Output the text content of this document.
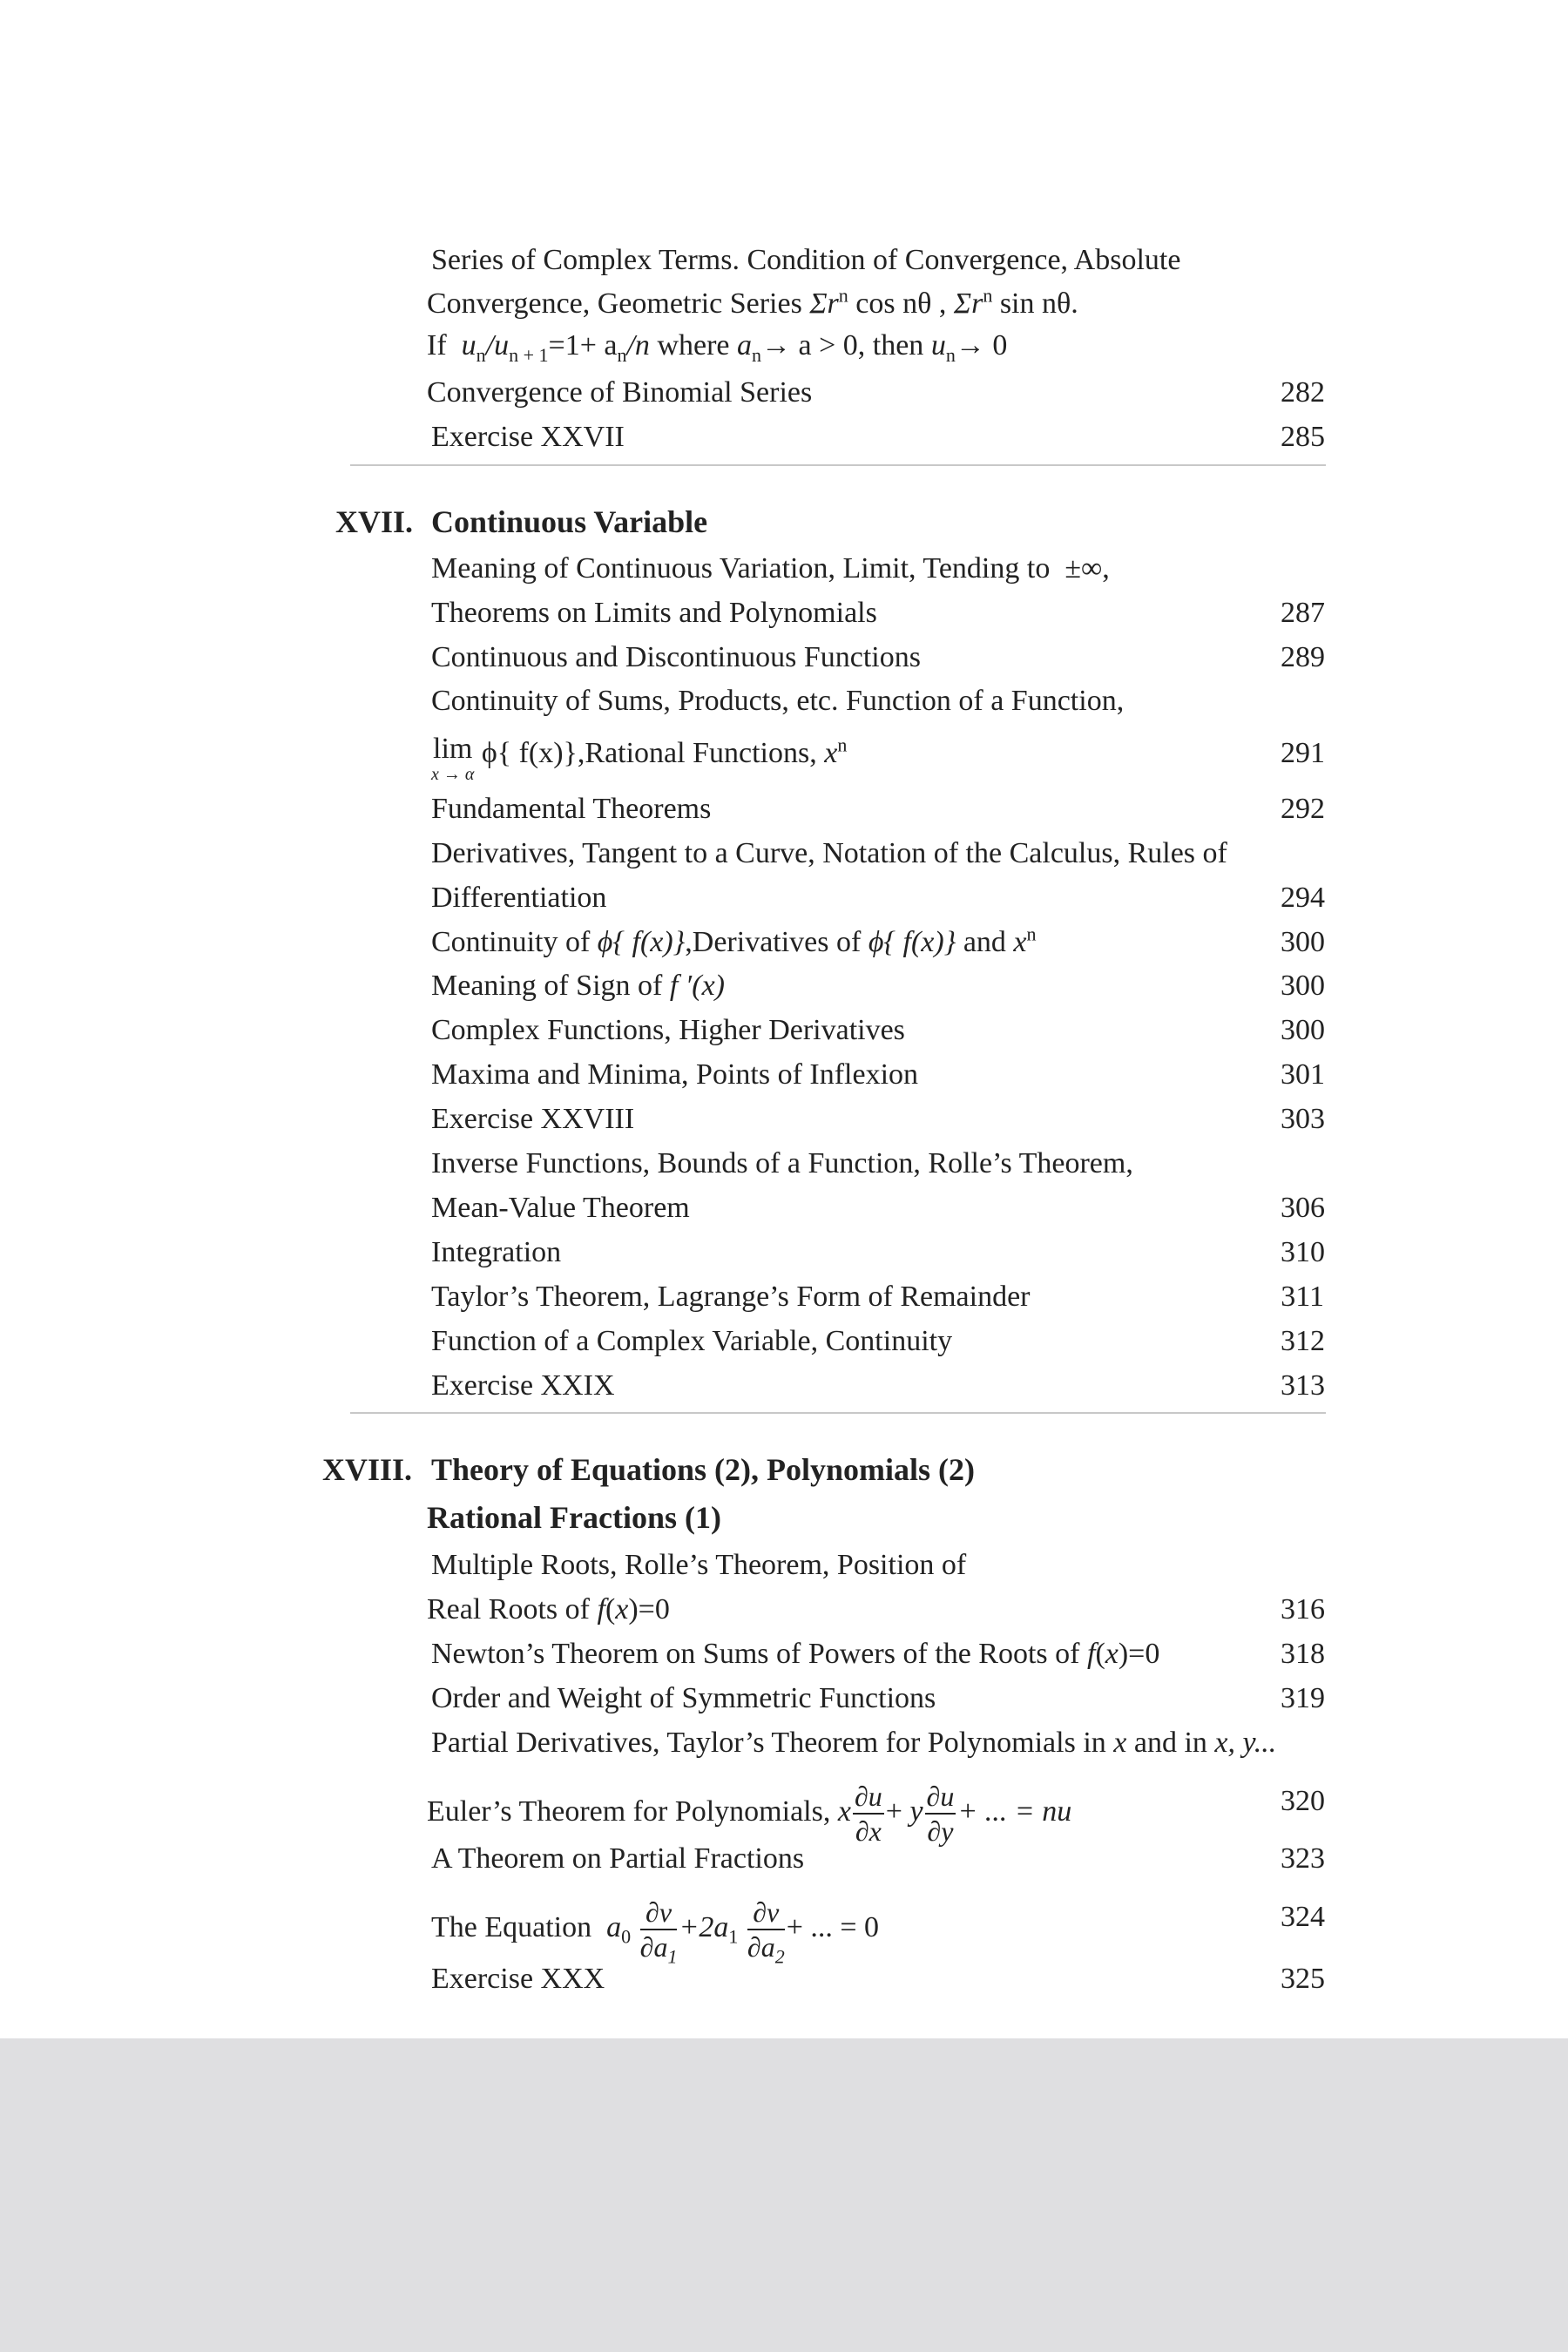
Series of Complex Terms. Condition of Convergence, Absolute
Convergence, Geometric Series $\Sigma r^n$ cos nθ , $\Sigma r^n$ sin nθ.
If $u_n/u_{n + 1}=1+ a_n/n$ where $a_n\to a > 0$, then $u_n\to 0$
Convergence of Binomial Series	282
Exercise XXVII	285
XVII. Continuous Variable
Meaning of Continuous Variation, Limit, Tending to ±∞,
Theorems on Limits and Polynomials	287
Continuous and Discontinuous Functions	289
Continuity of Sums, Products, etc. Function of a Function,
lim
x → α
ϕ{ f(x)},Rational Functions, $x^n$	291
Fundamental Theorems	292
Derivatives, Tangent to a Curve, Notation of the Calculus, Rules of
Differentiation	294
Continuity of ϕ{ f(x)},Derivatives of ϕ{ f(x)} and $x^n$	300
Meaning of Sign of f ′(x)	300
Complex Functions, Higher Derivatives	300
Maxima and Minima, Points of Inflexion	301
Exercise XXVIII	303
Inverse Functions, Bounds of a Function, Rolle’s Theorem,
Mean-Value Theorem	306
Integration	310
Taylor’s Theorem, Lagrange’s Form of Remainder	311
Function of a Complex Variable, Continuity	312
Exercise XXIX	313
XVIII. Theory of Equations (2), Polynomials (2)
Rational Fractions (1)
Multiple Roots, Rolle’s Theorem, Position of
Real Roots of f(x)=0	316
Newton’s Theorem on Sums of Powers of the Roots of f(x)=0	318
Order and Weight of Symmetric Functions	319
Partial Derivatives, Taylor’s Theorem for Polynomials in x and in x, y...
Euler’s Theorem for Polynomials, x $\frac{\partial u}{\partial x} + y \frac{\partial u}{\partial y}$ + ... = nu	320
A Theorem on Partial Fractions	323
The Equation $a_0 \frac{\partial v}{\partial a_1} +2a_1 \frac{\partial v}{\partial a_2}$ + ... = 0	324
Exercise XXX	325
